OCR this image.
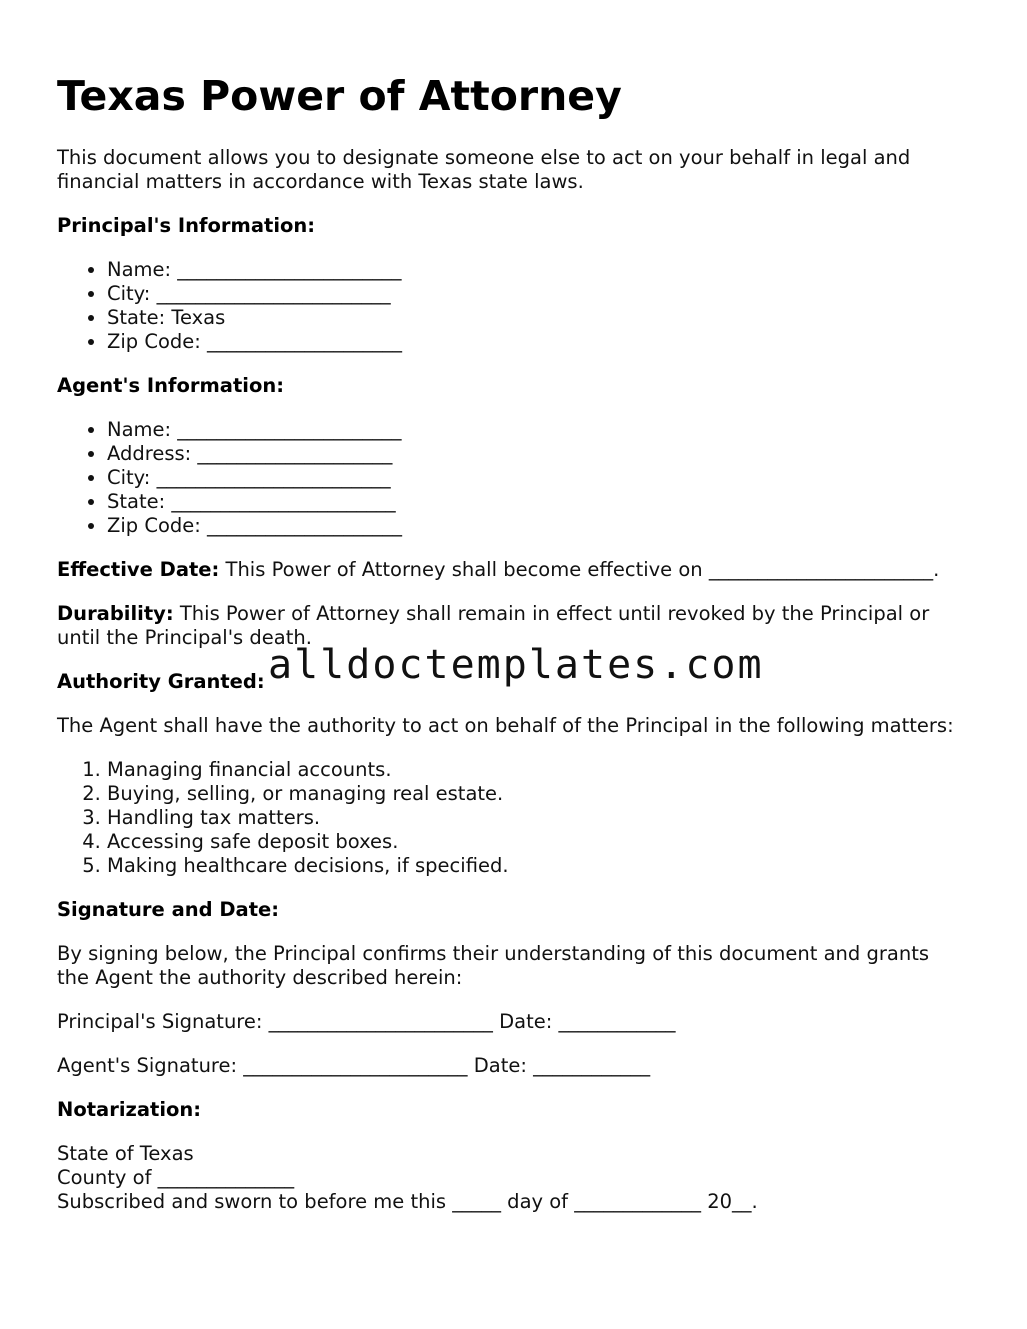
Texas Power of Attorney

This document allows you to designate someone else to act on your behalf in legal and financial matters in accordance with Texas state laws.

Principal's Information:

• Name: _______________________
• City: ________________________
• State: Texas
• Zip Code: ____________________

Agent's Information:

• Name: _______________________
• Address: ____________________
• City: ________________________
• State: _______________________
• Zip Code: ____________________

Effective Date: This Power of Attorney shall become effective on _______________________.

Durability: This Power of Attorney shall remain in effect until revoked by the Principal or until the Principal's death.

Authority Granted:

The Agent shall have the authority to act on behalf of the Principal in the following matters:

1. Managing financial accounts.
2. Buying, selling, or managing real estate.
3. Handling tax matters.
4. Accessing safe deposit boxes.
5. Making healthcare decisions, if specified.

Signature and Date:

By signing below, the Principal confirms their understanding of this document and grants the Agent the authority described herein:

Principal's Signature: _______________________ Date: ____________

Agent's Signature: _______________________ Date: ____________

Notarization:

State of Texas
County of ______________
Subscribed and sworn to before me this _____ day of _____________ 20__.

alldoctemplates.com
